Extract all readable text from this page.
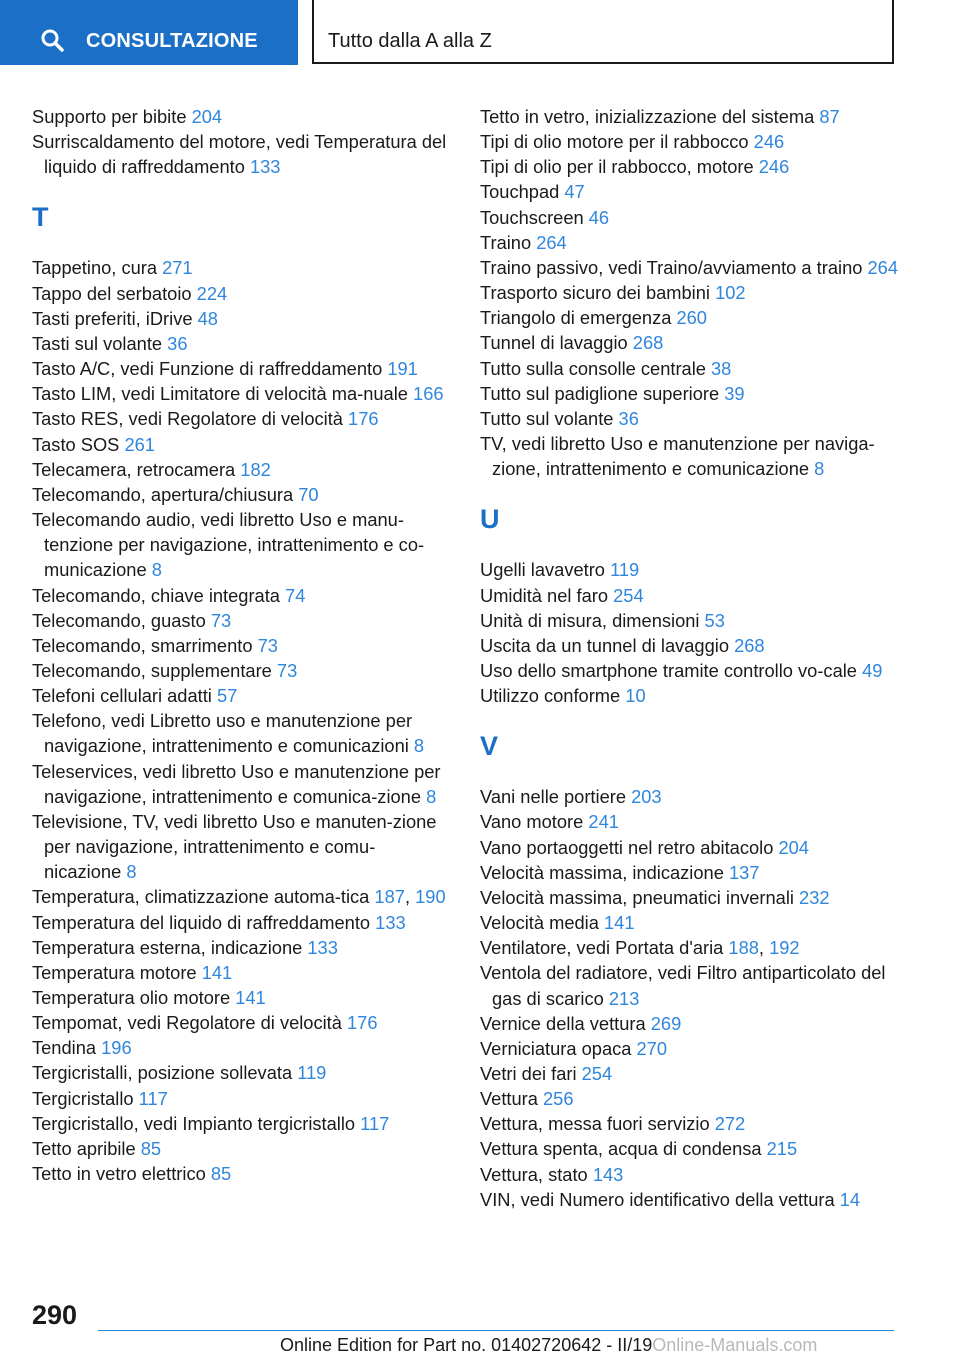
CONSULTAZIONE	Tutto dalla A alla Z
Supporto per bibite 204
Surriscaldamento del motore, vedi Temperatura del liquido di raffreddamento 133
T
Tappetino, cura 271
Tappo del serbatoio 224
Tasti preferiti, iDrive 48
Tasti sul volante 36
Tasto A/C, vedi Funzione di raffreddamento 191
Tasto LIM, vedi Limitatore di velocità ma-nuale 166
Tasto RES, vedi Regolatore di velocità 176
Tasto SOS 261
Telecamera, retrocamera 182
Telecomando, apertura/chiusura 70
Telecomando audio, vedi libretto Uso e manu-tenzione per navigazione, intrattenimento e co-municazione 8
Telecomando, chiave integrata 74
Telecomando, guasto 73
Telecomando, smarrimento 73
Telecomando, supplementare 73
Telefoni cellulari adatti 57
Telefono, vedi Libretto uso e manutenzione per navigazione, intrattenimento e comunicazioni 8
Teleservices, vedi libretto Uso e manutenzione per navigazione, intrattenimento e comunica-zione 8
Televisione, TV, vedi libretto Uso e manuten-zione per navigazione, intrattenimento e comu-nicazione 8
Temperatura, climatizzazione automa-tica 187, 190
Temperatura del liquido di raffreddamento 133
Temperatura esterna, indicazione 133
Temperatura motore 141
Temperatura olio motore 141
Tempomat, vedi Regolatore di velocità 176
Tendina 196
Tergicristalli, posizione sollevata 119
Tergicristallo 117
Tergicristallo, vedi Impianto tergicristallo 117
Tetto apribile 85
Tetto in vetro elettrico 85
Tetto in vetro, inizializzazione del sistema 87
Tipi di olio motore per il rabbocco 246
Tipi di olio per il rabbocco, motore 246
Touchpad 47
Touchscreen 46
Traino 264
Traino passivo, vedi Traino/avviamento a traino 264
Trasporto sicuro dei bambini 102
Triangolo di emergenza 260
Tunnel di lavaggio 268
Tutto sulla consolle centrale 38
Tutto sul padiglione superiore 39
Tutto sul volante 36
TV, vedi libretto Uso e manutenzione per naviga-zione, intrattenimento e comunicazione 8
U
Ugelli lavavetro 119
Umidità nel faro 254
Unità di misura, dimensioni 53
Uscita da un tunnel di lavaggio 268
Uso dello smartphone tramite controllo vo-cale 49
Utilizzo conforme 10
V
Vani nelle portiere 203
Vano motore 241
Vano portaoggetti nel retro abitacolo 204
Velocità massima, indicazione 137
Velocità massima, pneumatici invernali 232
Velocità media 141
Ventilatore, vedi Portata d'aria 188, 192
Ventola del radiatore, vedi Filtro antiparticolato del gas di scarico 213
Vernice della vettura 269
Verniciatura opaca 270
Vetri dei fari 254
Vettura 256
Vettura, messa fuori servizio 272
Vettura spenta, acqua di condensa 215
Vettura, stato 143
VIN, vedi Numero identificativo della vettura 14
290
Online Edition for Part no. 01402720642 - II/19Online-Manuals.com
